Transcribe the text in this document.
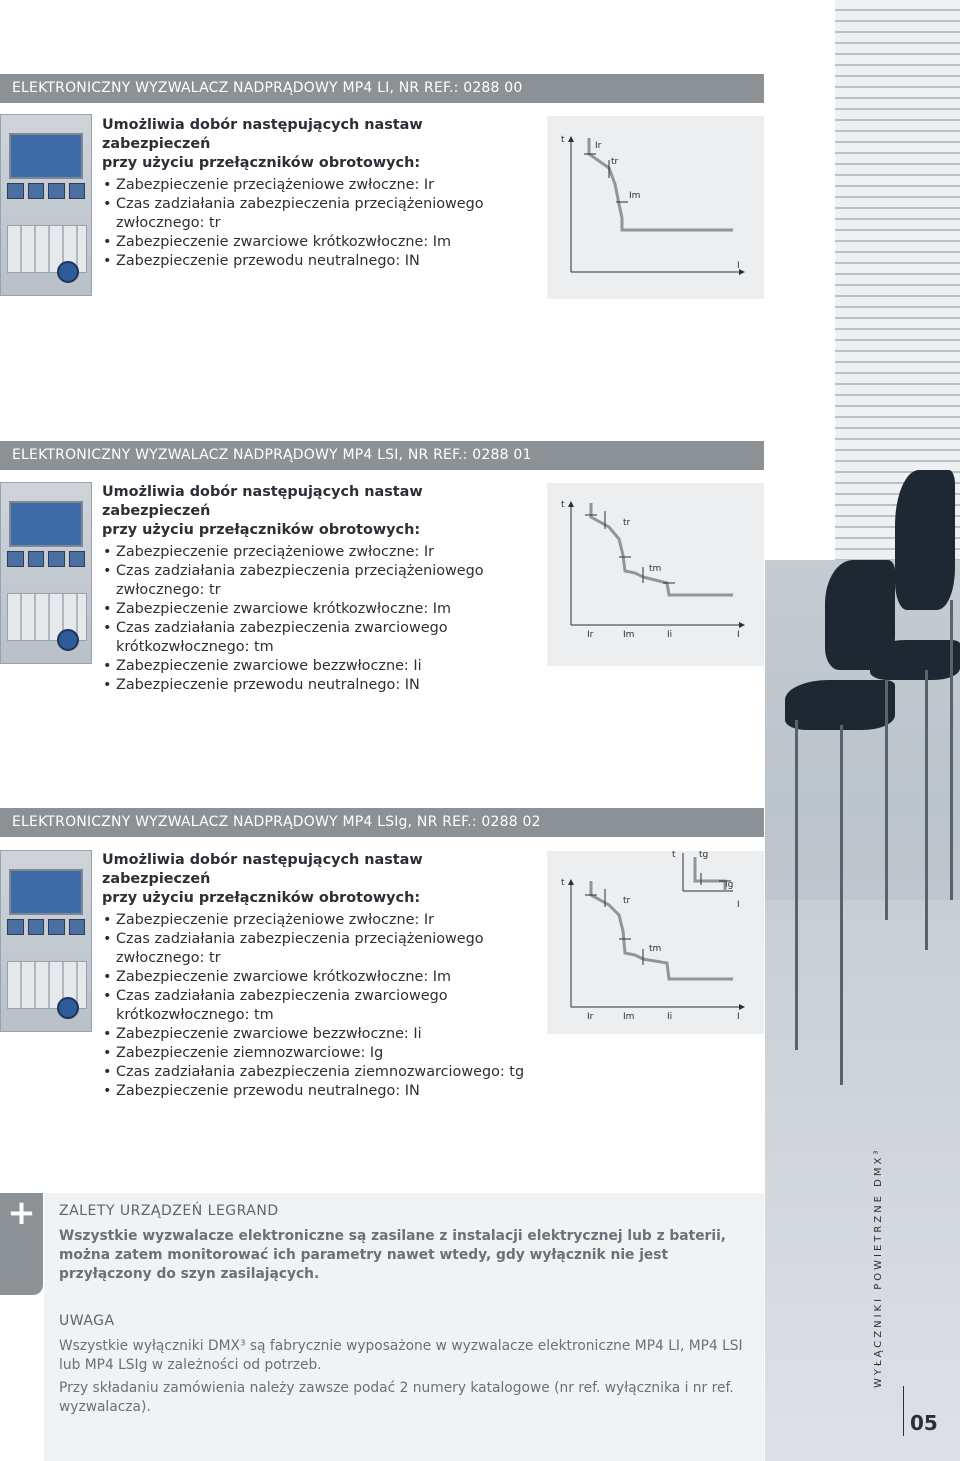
ELEKTRONICZNY WYZWALACZ NADPRĄDOWY MP4 LI, NR REF.: 0288 00

Umożliwia dobór następujących nastaw zabezpieczeń
przy użyciu przełączników obrotowych:

• Zabezpieczenie przeciążeniowe zwłoczne: Ir
• Czas zadziałania zabezpieczenia przeciążeniowego zwłocznego: tr
• Zabezpieczenie zwarciowe krótkozwłoczne: Im
• Zabezpieczenie przewodu neutralnego: IN
t
Ir
tr
Im
I
ELEKTRONICZNY WYZWALACZ NADPRĄDOWY MP4 LSI, NR REF.: 0288 01

Umożliwia dobór następujących nastaw zabezpieczeń
przy użyciu przełączników obrotowych:

• Zabezpieczenie przeciążeniowe zwłoczne: Ir
• Czas zadziałania zabezpieczenia przeciążeniowego zwłocznego: tr
• Zabezpieczenie zwarciowe krótkozwłoczne: Im
• Czas zadziałania zabezpieczenia zwarciowego krótkozwłocznego: tm
• Zabezpieczenie zwarciowe bezzwłoczne: Ii
• Zabezpieczenie przewodu neutralnego: IN
t
tr
tm
Ir	Im	Ii	I
ELEKTRONICZNY WYZWALACZ NADPRĄDOWY MP4 LSIg, NR REF.: 0288 02

Umożliwia dobór następujących nastaw zabezpieczeń
przy użyciu przełączników obrotowych:

• Zabezpieczenie przeciążeniowe zwłoczne: Ir
• Czas zadziałania zabezpieczenia przeciążeniowego zwłocznego: tr
• Zabezpieczenie zwarciowe krótkozwłoczne: Im
• Czas zadziałania zabezpieczenia zwarciowego krótkozwłocznego: tm
• Zabezpieczenie zwarciowe bezzwłoczne: Ii
• Zabezpieczenie ziemnozwarciowe: Ig
• Czas zadziałania zabezpieczenia ziemnozwarciowego: tg
• Zabezpieczenie przewodu neutralnego: IN
t
tr
tm
Ir	Im	Ii	I
t	tg
Ig
I
+	ZALETY URZĄDZEŃ LEGRAND
Wszystkie wyzwalacze elektroniczne są zasilane z instalacji elektrycznej lub z baterii, można zatem monitorować ich parametry nawet wtedy, gdy wyłącznik nie jest przyłączony do szyn zasilających.
UWAGA

Wszystkie wyłączniki DMX³ są fabrycznie wyposażone w wyzwalacze elektroniczne MP4 LI, MP4 LSI lub MP4 LSIg w zależności od potrzeb.

Przy składaniu zamówienia należy zawsze podać 2 numery katalogowe (nr ref. wyłącznika i nr ref. wyzwalacza).

WYŁĄCZNIKI POWIETRZNE DMX³
05
